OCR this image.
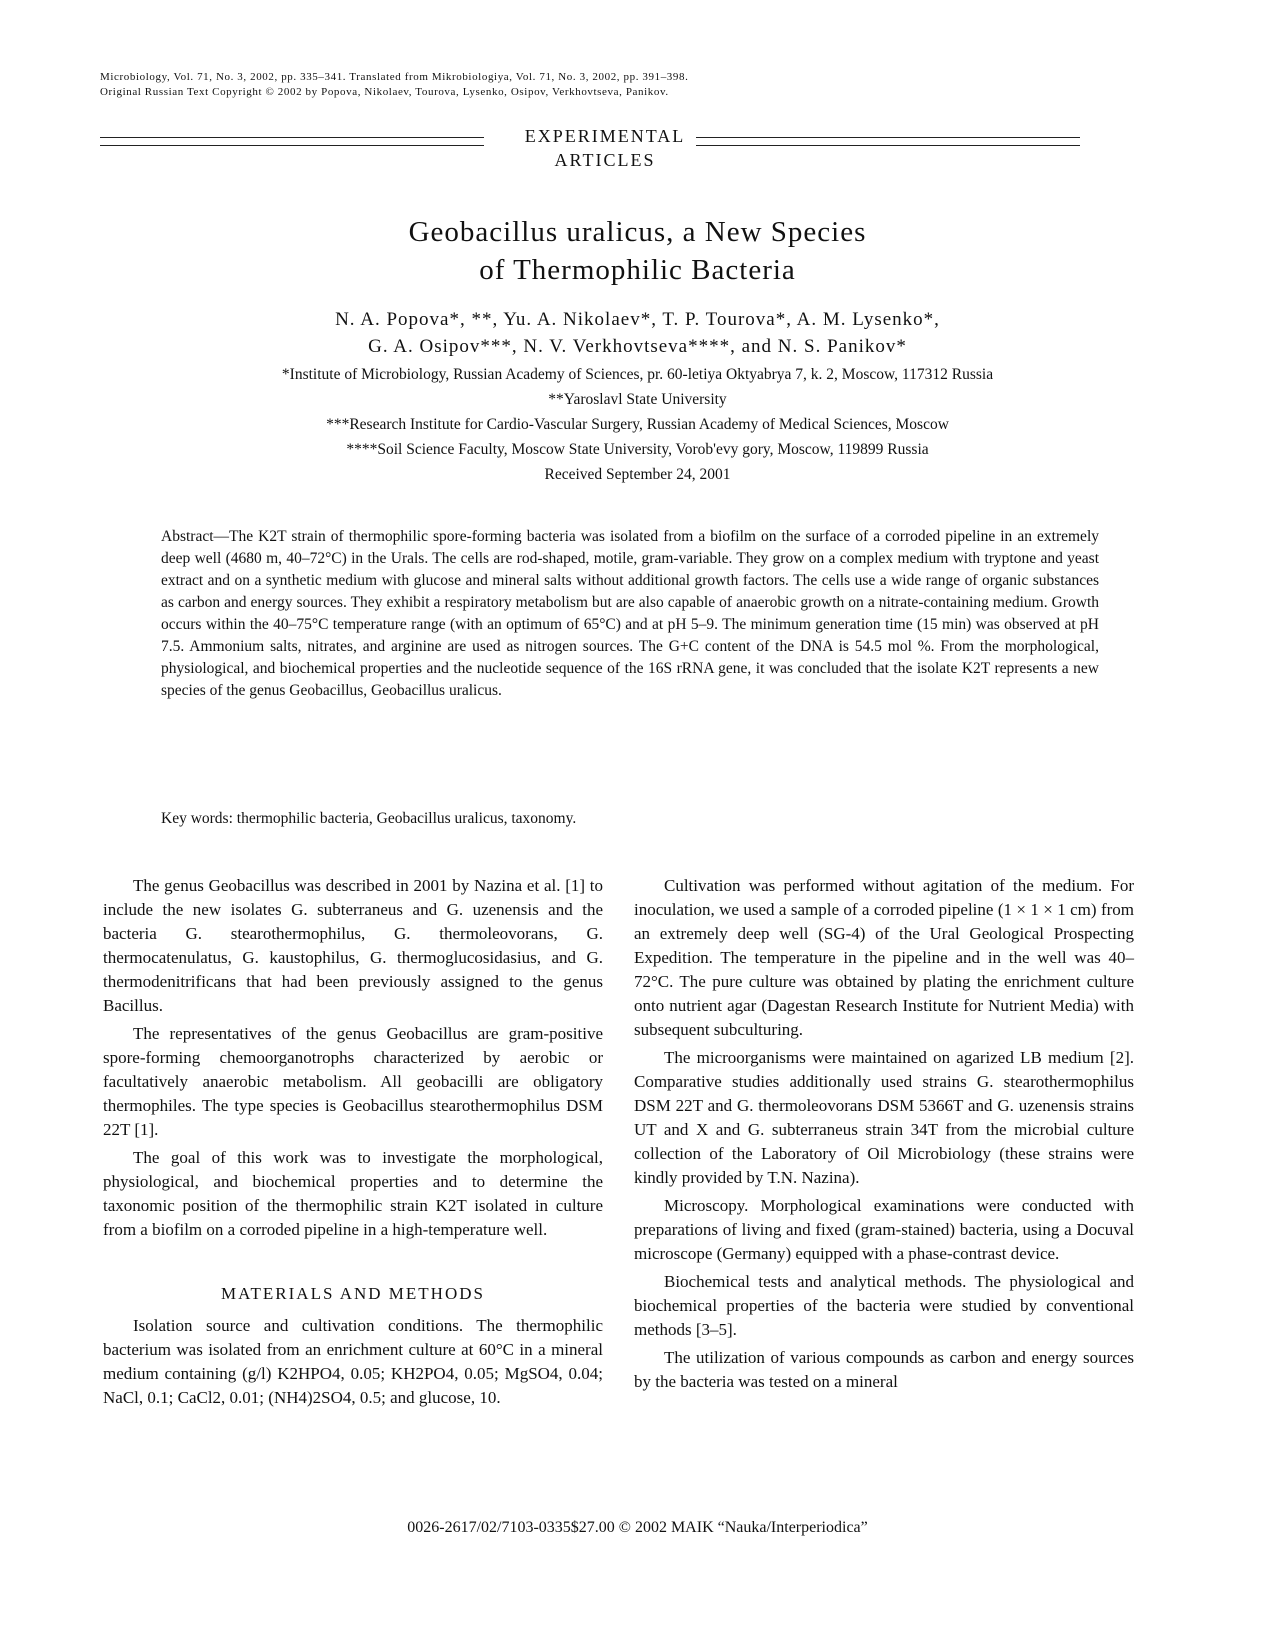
Microbiology, Vol. 71, No. 3, 2002, pp. 335–341. Translated from Mikrobiologiya, Vol. 71, No. 3, 2002, pp. 391–398.
Original Russian Text Copyright © 2002 by Popova, Nikolaev, Tourova, Lysenko, Osipov, Verkhovtseva, Panikov.
EXPERIMENTAL
ARTICLES
Geobacillus uralicus, a New Species
of Thermophilic Bacteria
N. A. Popova*, **, Yu. A. Nikolaev*, T. P. Tourova*, A. M. Lysenko*,
G. A. Osipov***, N. V. Verkhovtseva****, and N. S. Panikov*
*Institute of Microbiology, Russian Academy of Sciences, pr. 60-letiya Oktyabrya 7, k. 2, Moscow, 117312 Russia
**Yaroslavl State University
***Research Institute for Cardio-Vascular Surgery, Russian Academy of Medical Sciences, Moscow
****Soil Science Faculty, Moscow State University, Vorob'evy gory, Moscow, 119899 Russia
Received September 24, 2001

Abstract—The K2T strain of thermophilic spore-forming bacteria was isolated from a biofilm on the surface of a corroded pipeline in an extremely deep well (4680 m, 40–72°C) in the Urals. The cells are rod-shaped, motile, gram-variable. They grow on a complex medium with tryptone and yeast extract and on a synthetic medium with glucose and mineral salts without additional growth factors. The cells use a wide range of organic substances as carbon and energy sources. They exhibit a respiratory metabolism but are also capable of anaerobic growth on a nitrate-containing medium. Growth occurs within the 40–75°C temperature range (with an optimum of 65°C) and at pH 5–9. The minimum generation time (15 min) was observed at pH 7.5. Ammonium salts, nitrates, and arginine are used as nitrogen sources. The G+C content of the DNA is 54.5 mol %. From the morphological, physiological, and biochemical properties and the nucleotide sequence of the 16S rRNA gene, it was concluded that the isolate K2T represents a new species of the genus Geobacillus, Geobacillus uralicus.

Key words: thermophilic bacteria, Geobacillus uralicus, taxonomy.

The genus Geobacillus was described in 2001 by Nazina et al. [1] to include the new isolates G. subterraneus and G. uzenensis and the bacteria G. stearothermophilus, G. thermoleovorans, G. thermocatenulatus, G. kaustophilus, G. thermoglucosidasius, and G. thermodenitrificans that had been previously assigned to the genus Bacillus.

The representatives of the genus Geobacillus are gram-positive spore-forming chemoorganotrophs characterized by aerobic or facultatively anaerobic metabolism. All geobacilli are obligatory thermophiles. The type species is Geobacillus stearothermophilus DSM 22T [1].

The goal of this work was to investigate the morphological, physiological, and biochemical properties and to determine the taxonomic position of the thermophilic strain K2T isolated in culture from a biofilm on a corroded pipeline in a high-temperature well.

MATERIALS AND METHODS

Isolation source and cultivation conditions. The thermophilic bacterium was isolated from an enrichment culture at 60°C in a mineral medium containing (g/l) K2HPO4, 0.05; KH2PO4, 0.05; MgSO4, 0.04; NaCl, 0.1; CaCl2, 0.01; (NH4)2SO4, 0.5; and glucose, 10.

Cultivation was performed without agitation of the medium. For inoculation, we used a sample of a corroded pipeline (1 × 1 × 1 cm) from an extremely deep well (SG-4) of the Ural Geological Prospecting Expedition. The temperature in the pipeline and in the well was 40–72°C. The pure culture was obtained by plating the enrichment culture onto nutrient agar (Dagestan Research Institute for Nutrient Media) with subsequent subculturing.

The microorganisms were maintained on agarized LB medium [2]. Comparative studies additionally used strains G. stearothermophilus DSM 22T and G. thermoleovorans DSM 5366T and G. uzenensis strains UT and X and G. subterraneus strain 34T from the microbial culture collection of the Laboratory of Oil Microbiology (these strains were kindly provided by T.N. Nazina).

Microscopy. Morphological examinations were conducted with preparations of living and fixed (gram-stained) bacteria, using a Docuval microscope (Germany) equipped with a phase-contrast device.

Biochemical tests and analytical methods. The physiological and biochemical properties of the bacteria were studied by conventional methods [3–5].

The utilization of various compounds as carbon and energy sources by the bacteria was tested on a mineral

0026-2617/02/7103-0335$27.00 © 2002 MAIK “Nauka/Interperiodica”
